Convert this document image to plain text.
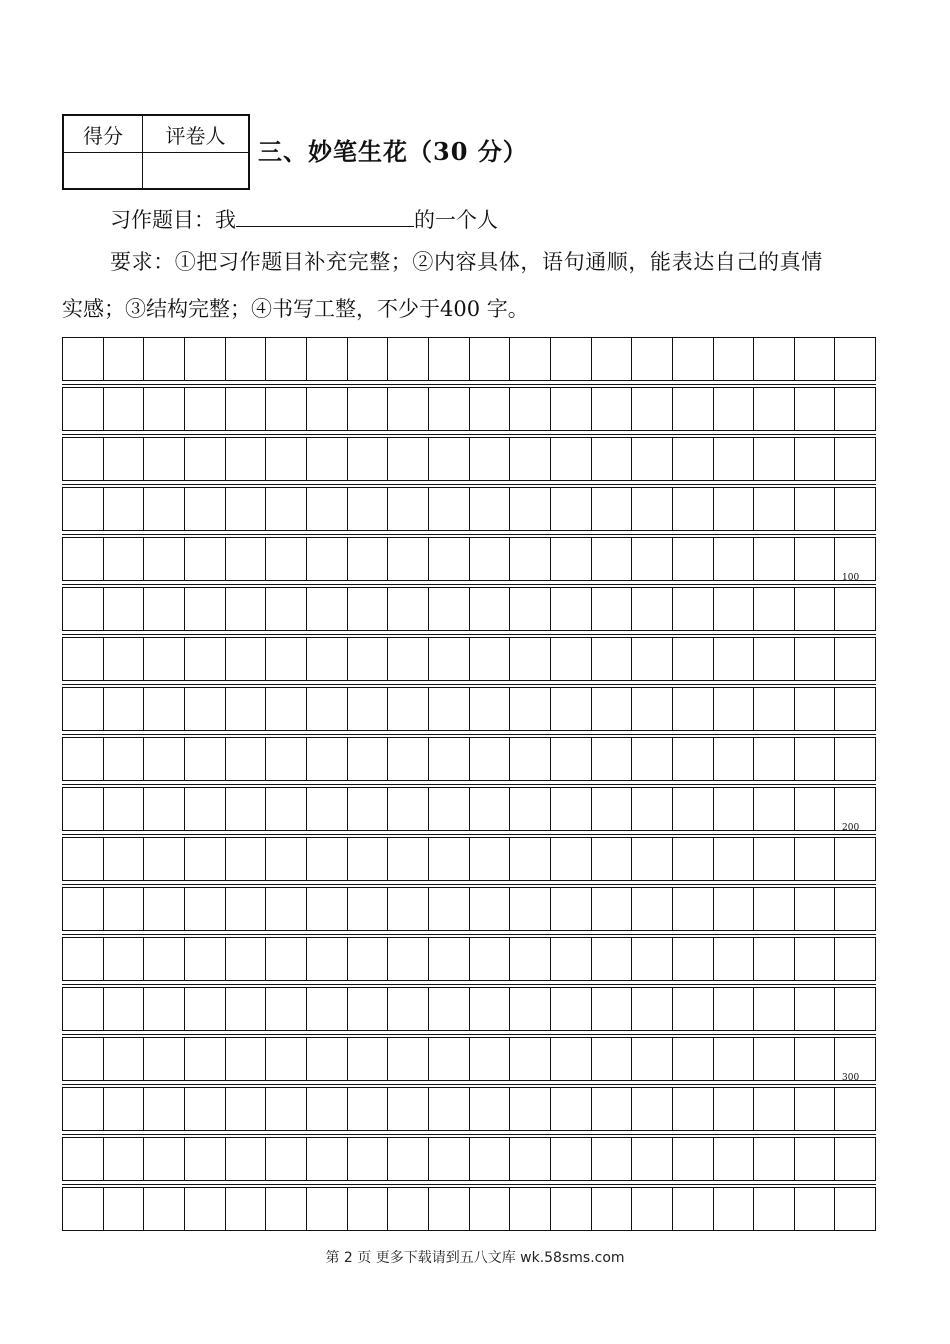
得分	评卷人

三、妙笔生花（30 分）
习作题目：我	的一个人
要求：①把习作题目补充完整；②内容具体，语句通顺，能表达自己的真情
实感；③结构完整；④书写工整，不少于400 字。
100
200
300
第 2 页 更多下载请到五八文库 wk.58sms.com
